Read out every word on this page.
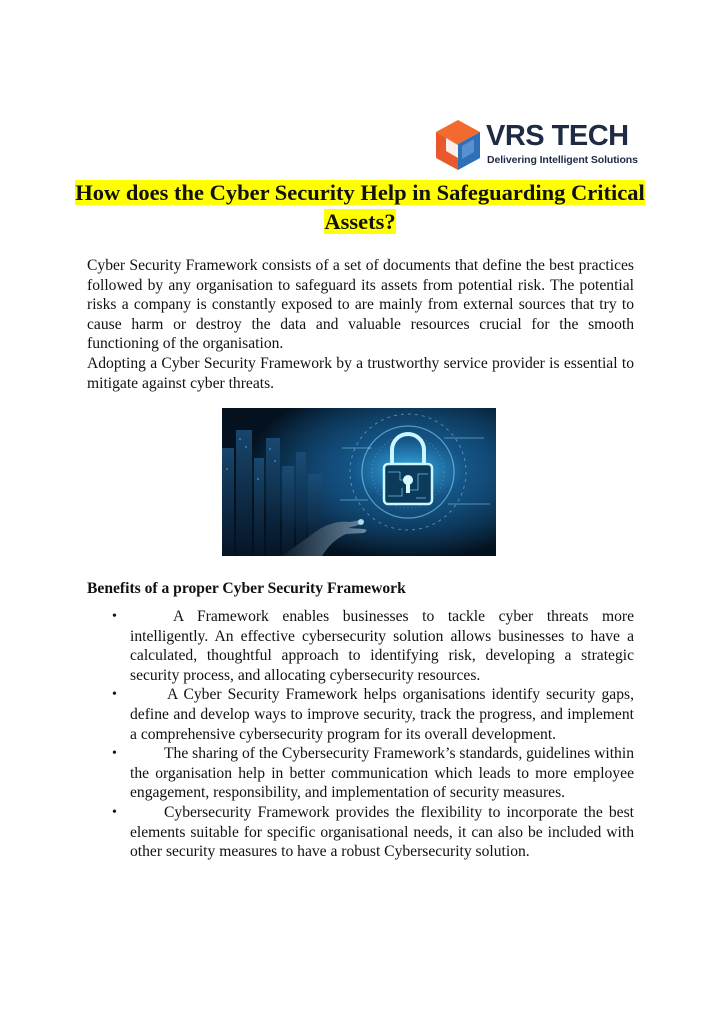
VRS TECH
Delivering Intelligent Solutions
How does the Cyber Security Help in Safeguarding Critical Assets?

Cyber Security Framework consists of a set of documents that define the best practices followed by any organisation to safeguard its assets from potential risk. The potential risks a company is constantly exposed to are mainly from external sources that try to cause harm or destroy the data and valuable resources crucial for the smooth functioning of the organisation.

Adopting a Cyber Security Framework by a trustworthy service provider is essential to mitigate against cyber threats.

Benefits of a proper Cyber Security Framework
•	A Framework enables businesses to tackle cyber threats more intelligently. An effective cybersecurity solution allows businesses to have a calculated, thoughtful approach to identifying risk, developing a strategic security process, and allocating cybersecurity resources.
•	A Cyber Security Framework helps organisations identify security gaps, define and develop ways to improve security, track the progress, and implement a comprehensive cybersecurity program for its overall development.
•	The sharing of the Cybersecurity Framework’s standards, guidelines within the organisation help in better communication which leads to more employee engagement, responsibility, and implementation of security measures.
•	Cybersecurity Framework provides the flexibility to incorporate the best elements suitable for specific organisational needs, it can also be included with other security measures to have a robust Cybersecurity solution.
